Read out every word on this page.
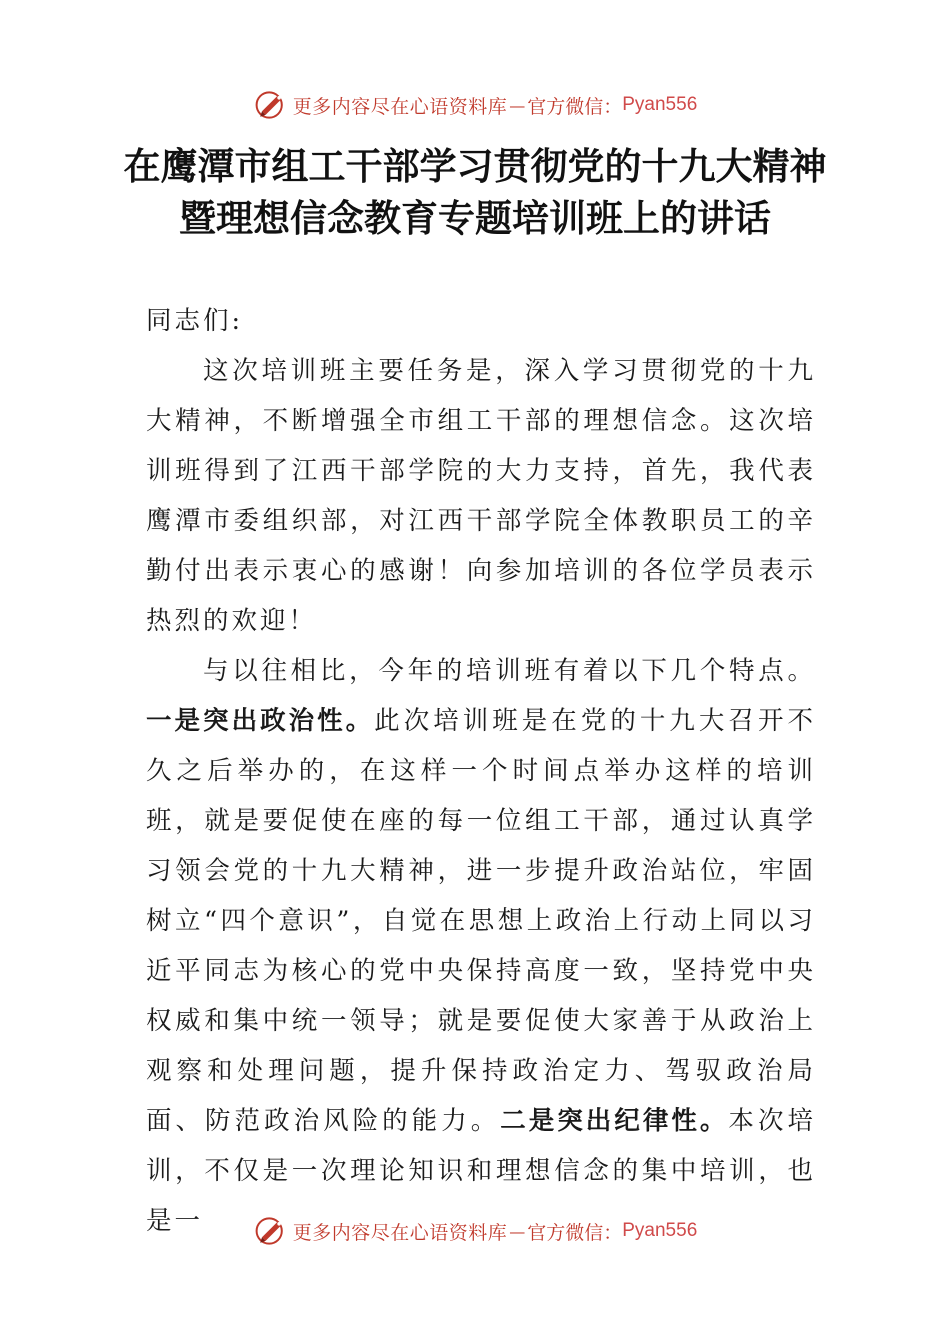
更多内容尽在心语资料库 — 官方微信： Pyan556
在鹰潭市组工干部学习贯彻党的十九大精神
暨理想信念教育专题培训班上的讲话

同志们:

这次培训班主要任务是，深入学习贯彻党的十九大精神，不断增强全市组工干部的理想信念。这次培训班得到了江西干部学院的大力支持，首先，我代表鹰潭市委组织部，对江西干部学院全体教职员工的辛勤付出表示衷心的感谢！向参加培训的各位学员表示热烈的欢迎！

与以往相比，今年的培训班有着以下几个特点。一是突出政治性。此次培训班是在党的十九大召开不久之后举办的，在这样一个时间点举办这样的培训班，就是要促使在座的每一位组工干部，通过认真学习领会党的十九大精神，进一步提升政治站位，牢固树立“四个意识”，自觉在思想上政治上行动上同以习近平同志为核心的党中央保持高度一致，坚持党中央权威和集中统一领导；就是要促使大家善于从政治上观察和处理问题，提升保持政治定力、驾驭政治局面、防范政治风险的能力。二是突出纪律性。本次培训，不仅是一次理论知识和理想信念的集中培训，也是一	更多内容尽在心语资料库 — 官方微信： Pyan556
